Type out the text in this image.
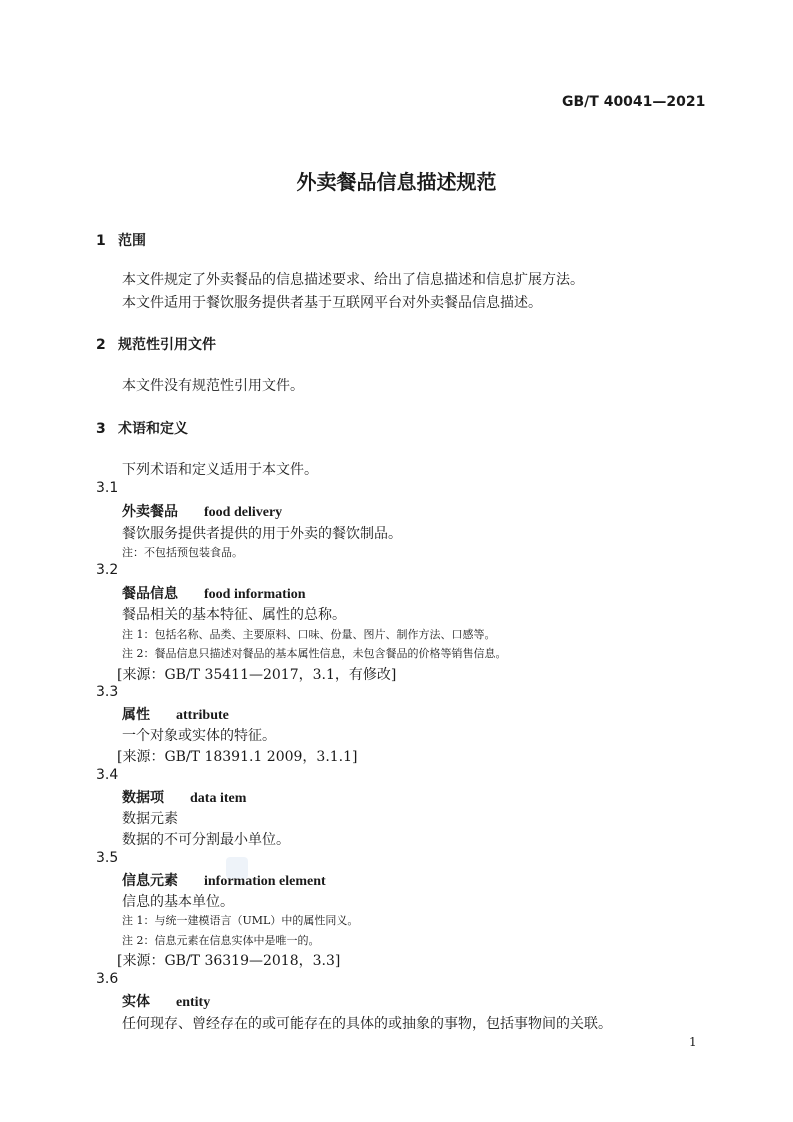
GB/T 40041—2021
外卖餐品信息描述规范
1 范围
本文件规定了外卖餐品的信息描述要求、给出了信息描述和信息扩展方法。
本文件适用于餐饮服务提供者基于互联网平台对外卖餐品信息描述。
2 规范性引用文件
本文件没有规范性引用文件。
3 术语和定义
下列术语和定义适用于本文件。
3.1
外卖餐品 food delivery
餐饮服务提供者提供的用于外卖的餐饮制品。
注：不包括预包装食品。
3.2
餐品信息 food information
餐品相关的基本特征、属性的总称。
注 1：包括名称、品类、主要原料、口味、份量、图片、制作方法、口感等。
注 2：餐品信息只描述对餐品的基本属性信息，未包含餐品的价格等销售信息。
[来源：GB/T 35411—2017，3.1，有修改]
3.3
属性 attribute
一个对象或实体的特征。
[来源：GB/T 18391.1 2009，3.1.1]
3.4
数据项 data item
数据元素
数据的不可分割最小单位。
3.5
信息元素 information element
信息的基本单位。
注 1：与统一建模语言（UML）中的属性同义。
注 2：信息元素在信息实体中是唯一的。
[来源：GB/T 36319—2018，3.3]
3.6
实体 entity
任何现存、曾经存在的或可能存在的具体的或抽象的事物，包括事物间的关联。
1
